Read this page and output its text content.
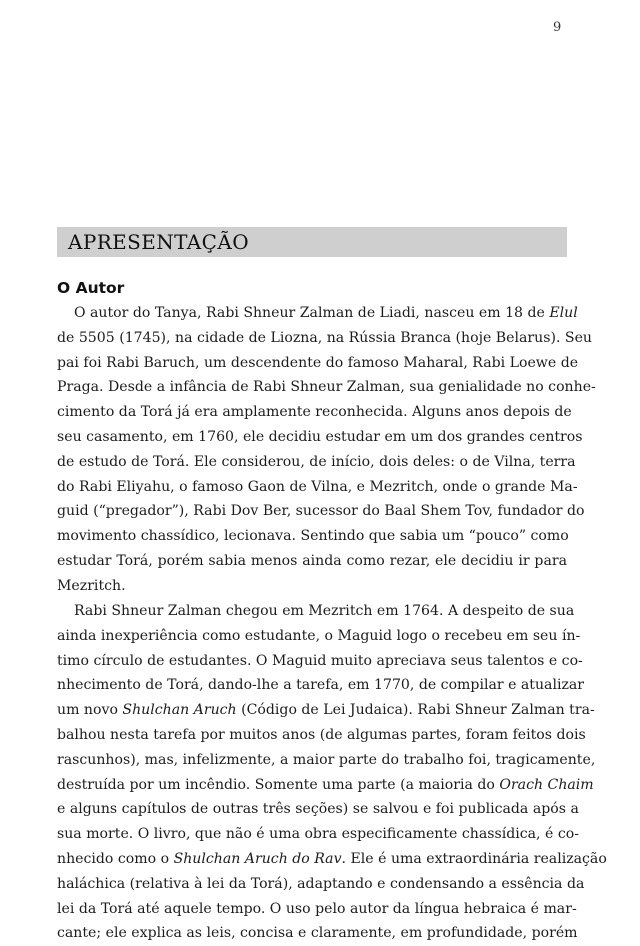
9
APRESENTAÇÃO
O Autor
O autor do Tanya, Rabi Shneur Zalman de Liadi, nasceu em 18 de Elul
de 5505 (1745), na cidade de Liozna, na Rússia Branca (hoje Belarus). Seu
pai foi Rabi Baruch, um descendente do famoso Maharal, Rabi Loewe de
Praga. Desde a infância de Rabi Shneur Zalman, sua genialidade no conhe-
cimento da Torá já era amplamente reconhecida. Alguns anos depois de
seu casamento, em 1760, ele decidiu estudar em um dos grandes centros
de estudo de Torá. Ele considerou, de início, dois deles: o de Vilna, terra
do Rabi Eliyahu, o famoso Gaon de Vilna, e Mezritch, onde o grande Ma-
guid (“pregador”), Rabi Dov Ber, sucessor do Baal Shem Tov, fundador do
movimento chassídico, lecionava. Sentindo que sabia um “pouco” como
estudar Torá, porém sabia menos ainda como rezar, ele decidiu ir para
Mezritch.
Rabi Shneur Zalman chegou em Mezritch em 1764. A despeito de sua
ainda inexperiência como estudante, o Maguid logo o recebeu em seu ín-
timo círculo de estudantes. O Maguid muito apreciava seus talentos e co-
nhecimento de Torá, dando-lhe a tarefa, em 1770, de compilar e atualizar
um novo Shulchan Aruch (Código de Lei Judaica). Rabi Shneur Zalman tra-
balhou nesta tarefa por muitos anos (de algumas partes, foram feitos dois
rascunhos), mas, infelizmente, a maior parte do trabalho foi, tragicamente,
destruída por um incêndio. Somente uma parte (a maioria do Orach Chaim
e alguns capítulos de outras três seções) se salvou e foi publicada após a
sua morte. O livro, que não é uma obra especificamente chassídica, é co-
nhecido como o Shulchan Aruch do Rav. Ele é uma extraordinária realização
haláchica (relativa à lei da Torá), adaptando e condensando a essência da
lei da Torá até aquele tempo. O uso pelo autor da língua hebraica é mar-
cante; ele explica as leis, concisa e claramente, em profundidade, porém
